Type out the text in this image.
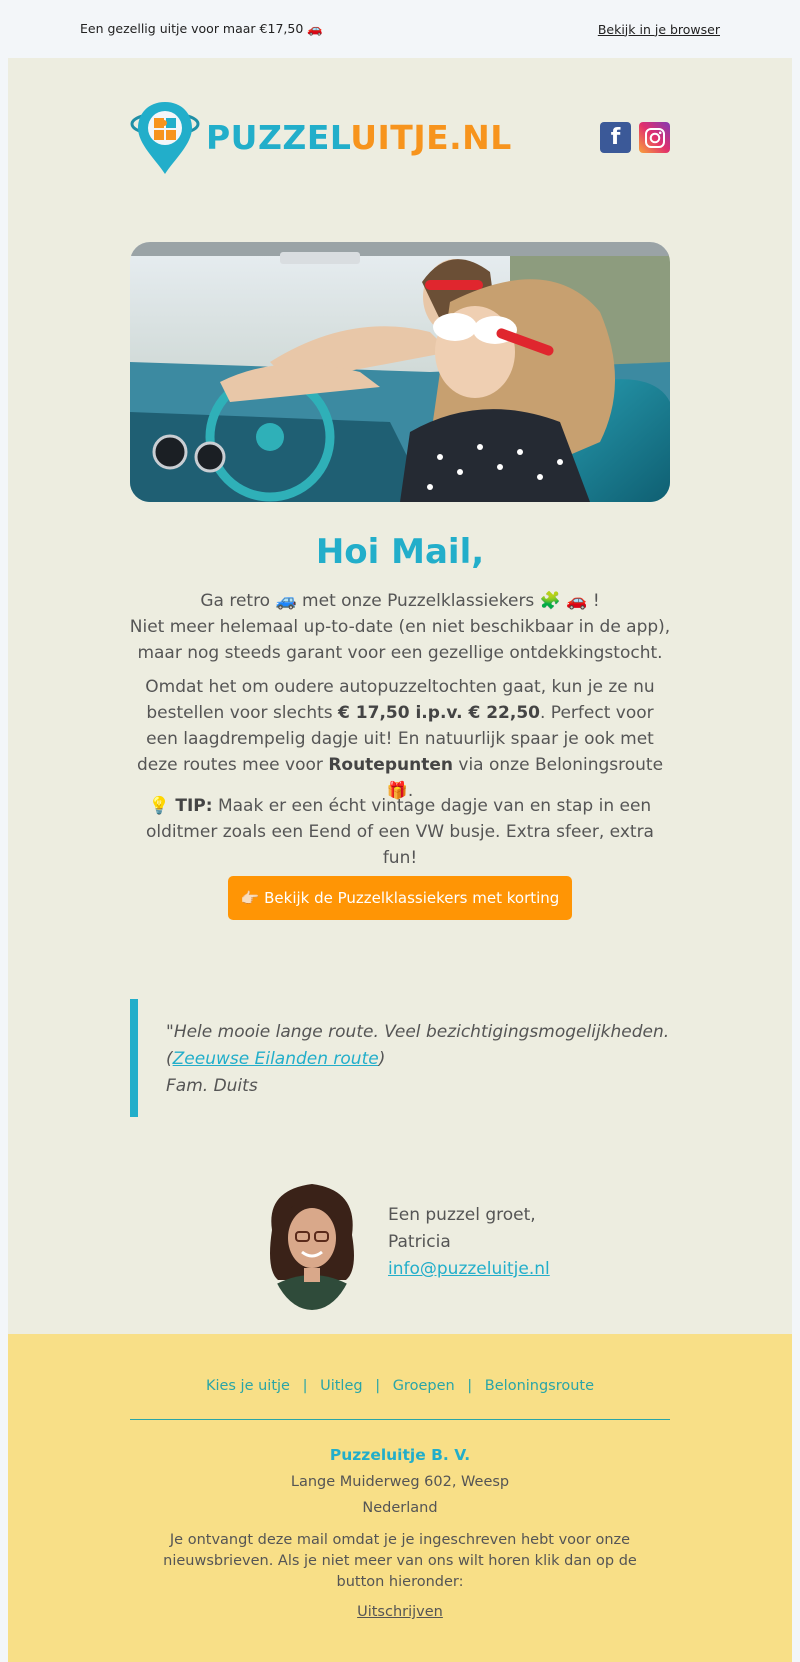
Een gezellig uitje voor maar €17,50 🚗	Bekijk in je browser
PUZZELUITJE.NL	f
Hoi Mail,
Ga retro 🚙 met onze Puzzelklassiekers 🧩 🚗 !
Niet meer helemaal up-to-date (en niet beschikbaar in de app),
maar nog steeds garant voor een gezellige ontdekkingstocht.
Omdat het om oudere autopuzzeltochten gaat, kun je ze nu bestellen voor slechts € 17,50 i.p.v. € 22,50. Perfect voor een laagdrempelig dagje uit! En natuurlijk spaar je ook met deze routes mee voor Routepunten via onze Beloningsroute 🎁.
💡 TIP: Maak er een écht vintage dagje van en stap in een olditmer zoals een Eend of een VW busje. Extra sfeer, extra fun!
👉🏻 Bekijk de Puzzelklassiekers met korting
"Hele mooie lange route. Veel bezichtigingsmogelijkheden.
(Zeeuwse Eilanden route)
Fam. Duits
Een puzzel groet,
Patricia
info@puzzeluitje.nl
Kies je uitje | Uitleg | Groepen | Beloningsroute
Puzzeluitje B. V.
Lange Muiderweg 602, Weesp
Nederland
Je ontvangt deze mail omdat je je ingeschreven hebt voor onze nieuwsbrieven. Als je niet meer van ons wilt horen klik dan op de button hieronder:
Uitschrijven
